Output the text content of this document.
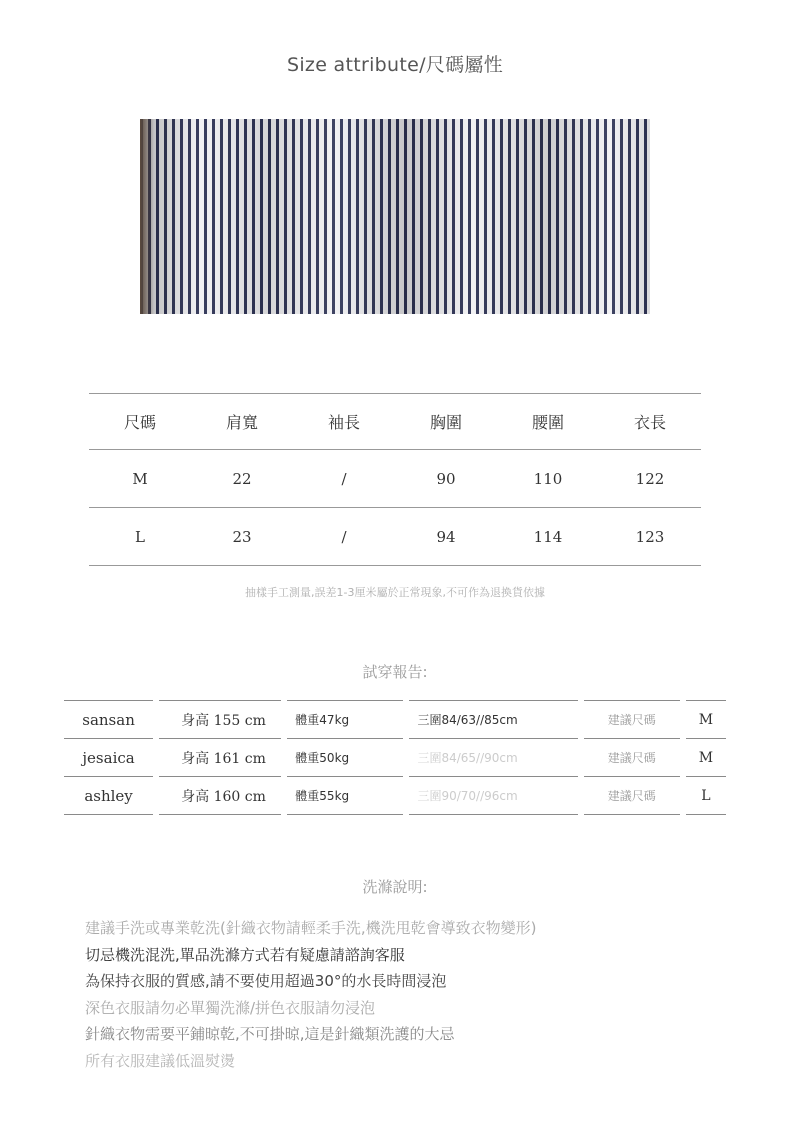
Size attribute/尺碼屬性
尺碼	肩寬	袖長	胸圍	腰圍	衣長
M	22	/	90	110	122
L	23	/	94	114	123
抽樣手工測量,誤差1-3厘米屬於正常現象,不可作為退換貨依據
試穿報告:
sansan		身高 155 cm		體重47kg		三圍84/63//85cm		建議尺碼		M
jesaica		身高 161 cm		體重50kg		三圍84/65//90cm		建議尺碼		M
ashley		身高 160 cm		體重55kg		三圍90/70//96cm		建議尺碼		L
洗滌說明:
建議手洗或專業乾洗(針織衣物請輕柔手洗,機洗甩乾會導致衣物變形)
切忌機洗混洗,單品洗滌方式若有疑慮請諮詢客服
為保持衣服的質感,請不要使用超過30°的水長時間浸泡
深色衣服請勿必單獨洗滌/拼色衣服請勿浸泡
針織衣物需要平鋪晾乾,不可掛晾,這是針織類洗護的大忌
所有衣服建議低溫熨燙
